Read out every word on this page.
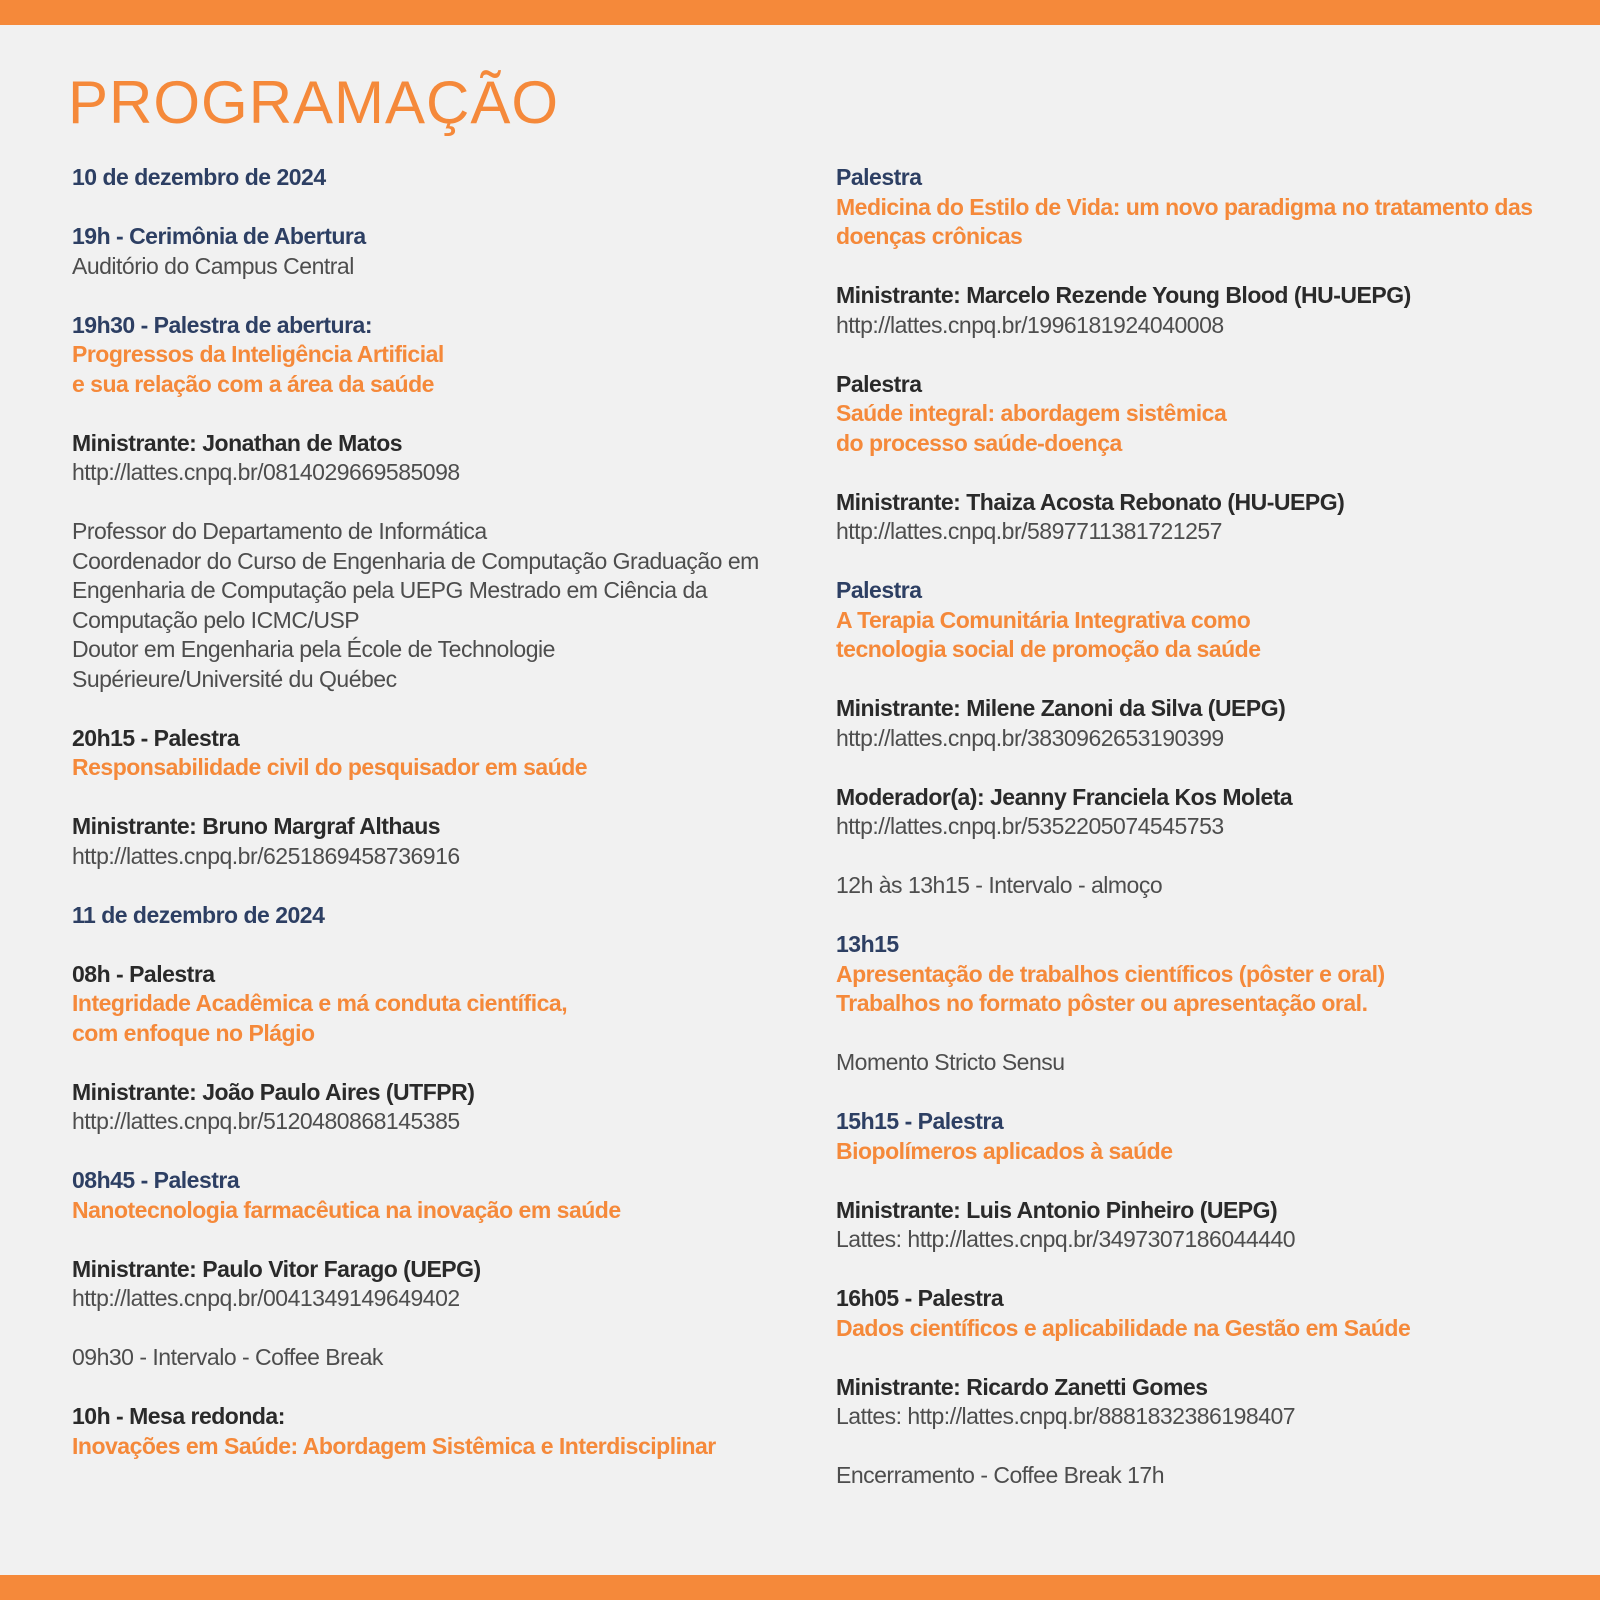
PROGRAMAÇÃO
10 de dezembro de 2024
19h - Cerimônia de Abertura
Auditório do Campus Central
19h30 - Palestra de abertura:
Progressos da Inteligência Artificial
e sua relação com a área da saúde
Ministrante: Jonathan de Matos
http://lattes.cnpq.br/0814029669585098
Professor do Departamento de Informática
Coordenador do Curso de Engenharia de Computação Graduação em
Engenharia de Computação pela UEPG Mestrado em Ciência da
Computação pelo ICMC/USP
Doutor em Engenharia pela École de Technologie
Supérieure/Université du Québec
20h15 - Palestra
Responsabilidade civil do pesquisador em saúde
Ministrante: Bruno Margraf Althaus
http://lattes.cnpq.br/6251869458736916
11 de dezembro de 2024
08h - Palestra
Integridade Acadêmica e má conduta científica,
com enfoque no Plágio
Ministrante: João Paulo Aires (UTFPR)
http://lattes.cnpq.br/5120480868145385
08h45 - Palestra
Nanotecnologia farmacêutica na inovação em saúde
Ministrante: Paulo Vitor Farago (UEPG)
http://lattes.cnpq.br/0041349149649402
09h30 - Intervalo - Coffee Break
10h - Mesa redonda:
Inovações em Saúde: Abordagem Sistêmica e Interdisciplinar
Palestra
Medicina do Estilo de Vida: um novo paradigma no tratamento das
doenças crônicas
Ministrante: Marcelo Rezende Young Blood (HU-UEPG)
http://lattes.cnpq.br/1996181924040008
Palestra
Saúde integral: abordagem sistêmica
do processo saúde-doença
Ministrante: Thaiza Acosta Rebonato (HU-UEPG)
http://lattes.cnpq.br/5897711381721257
Palestra
A Terapia Comunitária Integrativa como
tecnologia social de promoção da saúde
Ministrante: Milene Zanoni da Silva (UEPG)
http://lattes.cnpq.br/3830962653190399
Moderador(a): Jeanny Franciela Kos Moleta
http://lattes.cnpq.br/5352205074545753
12h às 13h15 - Intervalo - almoço
13h15
Apresentação de trabalhos científicos (pôster e oral)
Trabalhos no formato pôster ou apresentação oral.
Momento Stricto Sensu
15h15 - Palestra
Biopolímeros aplicados à saúde
Ministrante: Luis Antonio Pinheiro (UEPG)
Lattes: http://lattes.cnpq.br/3497307186044440
16h05 - Palestra
Dados científicos e aplicabilidade na Gestão em Saúde
Ministrante: Ricardo Zanetti Gomes
Lattes: http://lattes.cnpq.br/8881832386198407
Encerramento - Coffee Break 17h
